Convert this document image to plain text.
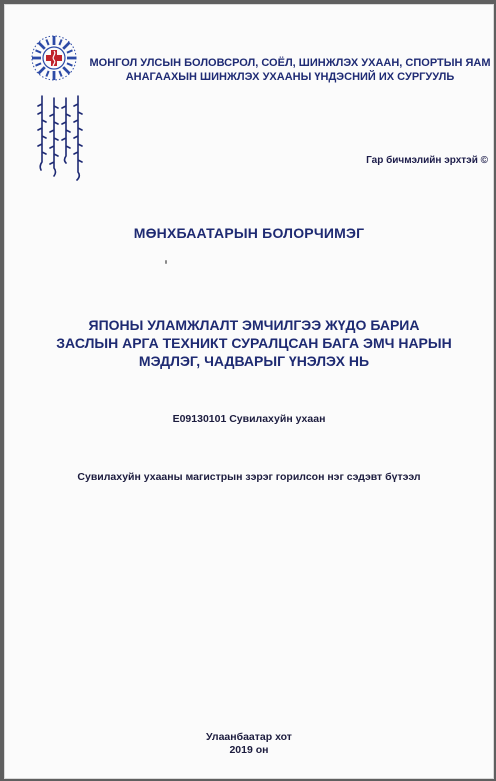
МОНГОЛ УЛСЫН БОЛОВСРОЛ, СОЁЛ, ШИНЖЛЭХ УХААН, СПОРТЫН ЯАМ
АНАГААХЫН ШИНЖЛЭХ УХААНЫ ҮНДЭСНИЙ ИХ СУРГУУЛЬ
Гар бичмэлийн эрхтэй ©
МӨНХБААТАРЫН БОЛОРЧИМЭГ
ЯПОНЫ УЛАМЖЛАЛТ ЭМЧИЛГЭЭ ЖҮДО БАРИА
ЗАСЛЫН АРГА ТЕХНИКТ СУРАЛЦСАН БАГА ЭМЧ НАРЫН
МЭДЛЭГ, ЧАДВАРЫГ ҮНЭЛЭХ НЬ
E09130101 Сувилахуйн ухаан
Сувилахуйн ухааны магистрын зэрэг горилсон нэг сэдэвт бүтээл
Улаанбаатар хот
2019 он
